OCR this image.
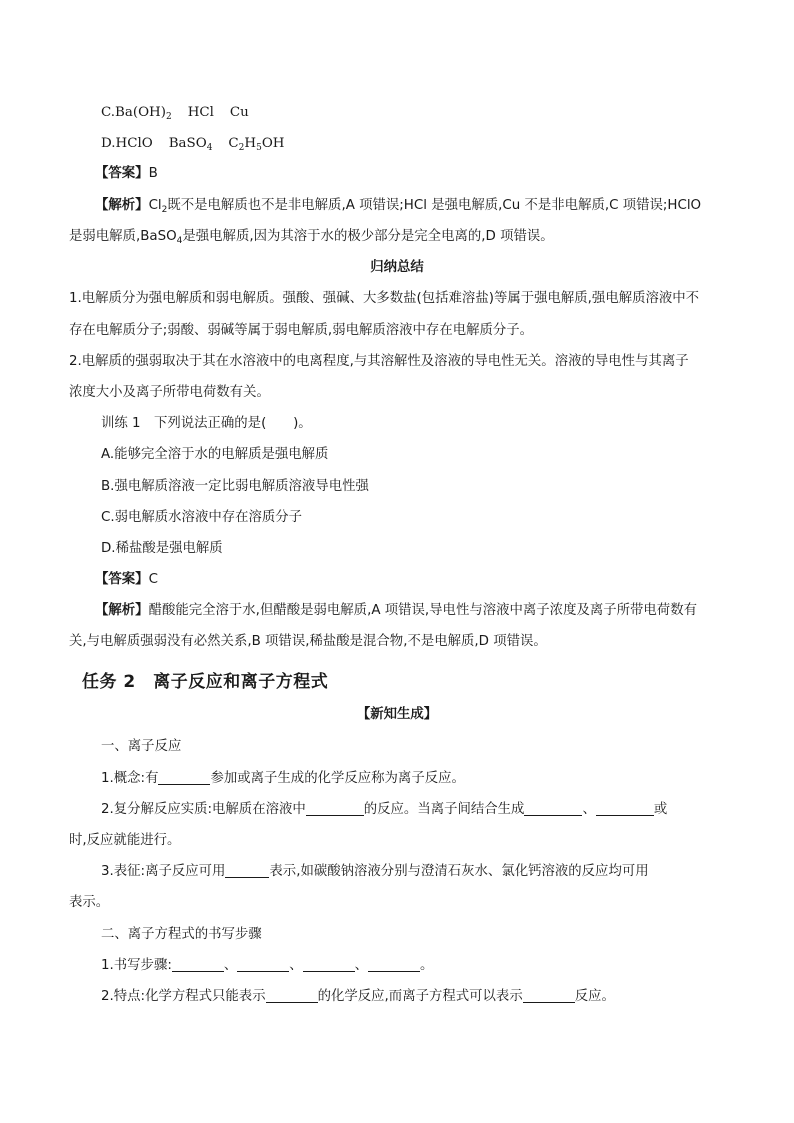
$C.Ba(OH)_2$ HCl Cu
D.HClO BaSO$_4$ $C_2H_5OH$
【答案】B
【解析】$Cl_2$既不是电解质也不是非电解质,A 项错误;HCl 是强电解质,Cu 不是非电解质,C 项错误;HClO
是弱电解质,BaSO$_4$是强电解质,因为其溶于水的极少部分是完全电离的,D 项错误。
归纳总结
1.电解质分为强电解质和弱电解质。强酸、强碱、大多数盐(包括难溶盐)等属于强电解质,强电解质溶液中不
存在电解质分子;弱酸、弱碱等属于弱电解质,弱电解质溶液中存在电解质分子。
2.电解质的强弱取决于其在水溶液中的电离程度,与其溶解性及溶液的导电性无关。溶液的导电性与其离子
浓度大小及离子所带电荷数有关。
训练 1　下列说法正确的是(　　)。
A.能够完全溶于水的电解质是强电解质
B.强电解质溶液一定比弱电解质溶液导电性强
C.弱电解质水溶液中存在溶质分子
D.稀盐酸是强电解质
【答案】C
【解析】醋酸能完全溶于水,但醋酸是弱电解质,A 项错误,导电性与溶液中离子浓度及离子所带电荷数有
关,与电解质强弱没有必然关系,B 项错误,稀盐酸是混合物,不是电解质,D 项错误。
任务 2　离子反应和离子方程式
【新知生成】
一、离子反应
1.概念:有	参加或离子生成的化学反应称为离子反应。
2.复分解反应实质:电解质在溶液中	的反应。当离子间结合生成	、	或
时,反应就能进行。
3.表征:离子反应可用	表示,如碳酸钠溶液分别与澄清石灰水、氯化钙溶液的反应均可用
表示。
二、离子方程式的书写步骤
1.书写步骤:	、	、	、	。
2.特点:化学方程式只能表示	的化学反应,而离子方程式可以表示	反应。
